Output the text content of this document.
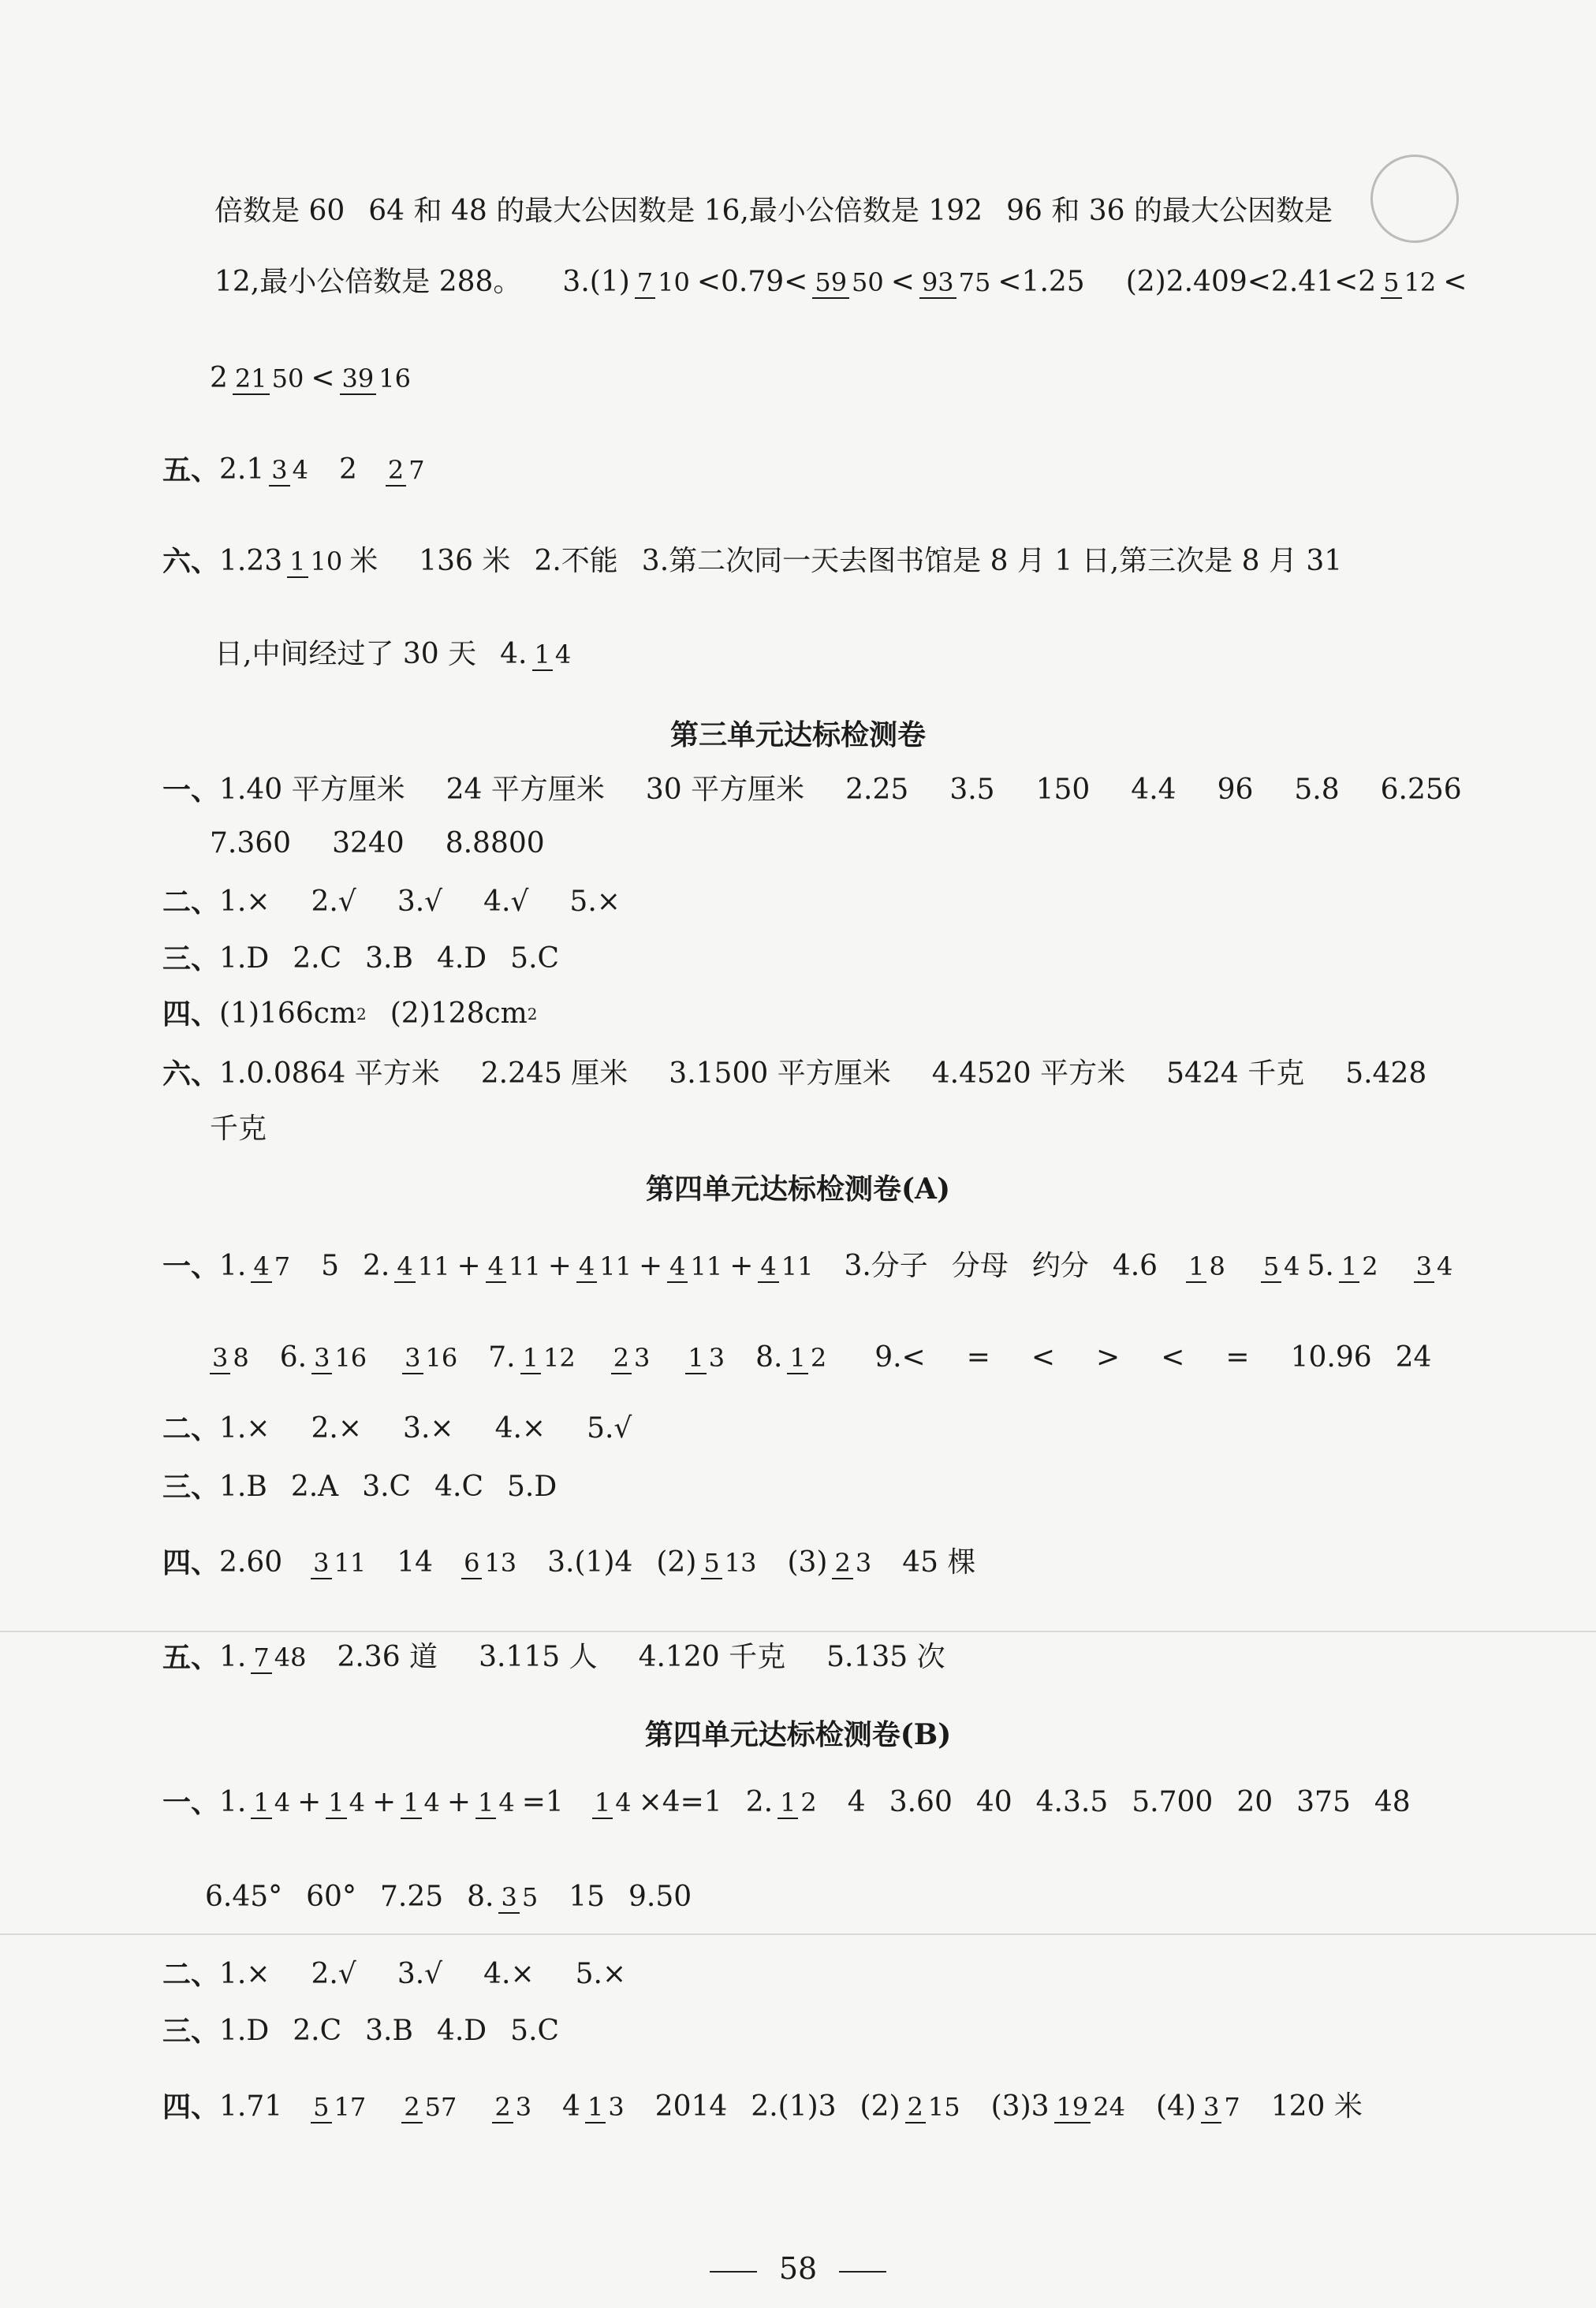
倍数是 60 64 和 48 的最大公因数是 16,最小公倍数是 192 96 和 36 的最大公因数是
12,最小公倍数是 288。 3.(1) 7 10 <0.79< 59 50 < 93 75 <1.25 (2)2.409<2.41<2 5 12 <
2 21 50 < 39 16
五、 2.1 3 4 2 2 7
六、 1.23 1 10 米 136 米 2.不能 3.第二次同一天去图书馆是 8 月 1 日,第三次是 8 月 31
日,中间经过了 30 天 4. 1 4
第三单元达标检测卷
一、 1.40 平方厘米 24 平方厘米 30 平方厘米 2.25 3.5 150 4.4 96 5.8 6.256
7.360 3240 8.8800
二、 1.× 2.√ 3.√ 4.√ 5.×
三、 1.D 2.C 3.B 4.D 5.C
四、 (1)166cm 2 (2)128cm 2
六、 1.0.0864 平方米 2.245 厘米 3.1500 平方厘米 4.4520 平方米 5424 千克 5.428
千克
第四单元达标检测卷(A)
一、 1. 4 7 5 2. 4 11 + 4 11 + 4 11 + 4 11 + 4 11 3.分子 分母 约分 4.6 1 8 5 4 5. 1 2 3 4
3 8 6. 3 16 3 16 7. 1 12 2 3 1 3 8. 1 2 9.< = < > < = 10.96 24
二、 1.× 2.× 3.× 4.× 5.√
三、 1.B 2.A 3.C 4.C 5.D
四、 2.60 3 11 14 6 13 3.(1)4 (2) 5 13 (3) 2 3 45 棵
五、 1. 7 48 2.36 道 3.115 人 4.120 千克 5.135 次
第四单元达标检测卷(B)
一、 1. 1 4 + 1 4 + 1 4 + 1 4 =1 1 4 ×4=1 2. 1 2 4 3.60 40 4.3.5 5.700 20 375 48
6.45° 60° 7.25 8. 3 5 15 9.50
二、 1.× 2.√ 3.√ 4.× 5.×
三、 1.D 2.C 3.B 4.D 5.C
四、 1.71 5 17 2 57 2 3 4 1 3 2014 2.(1)3 (2) 2 15 (3)3 19 24 (4) 3 7 120 米
58
